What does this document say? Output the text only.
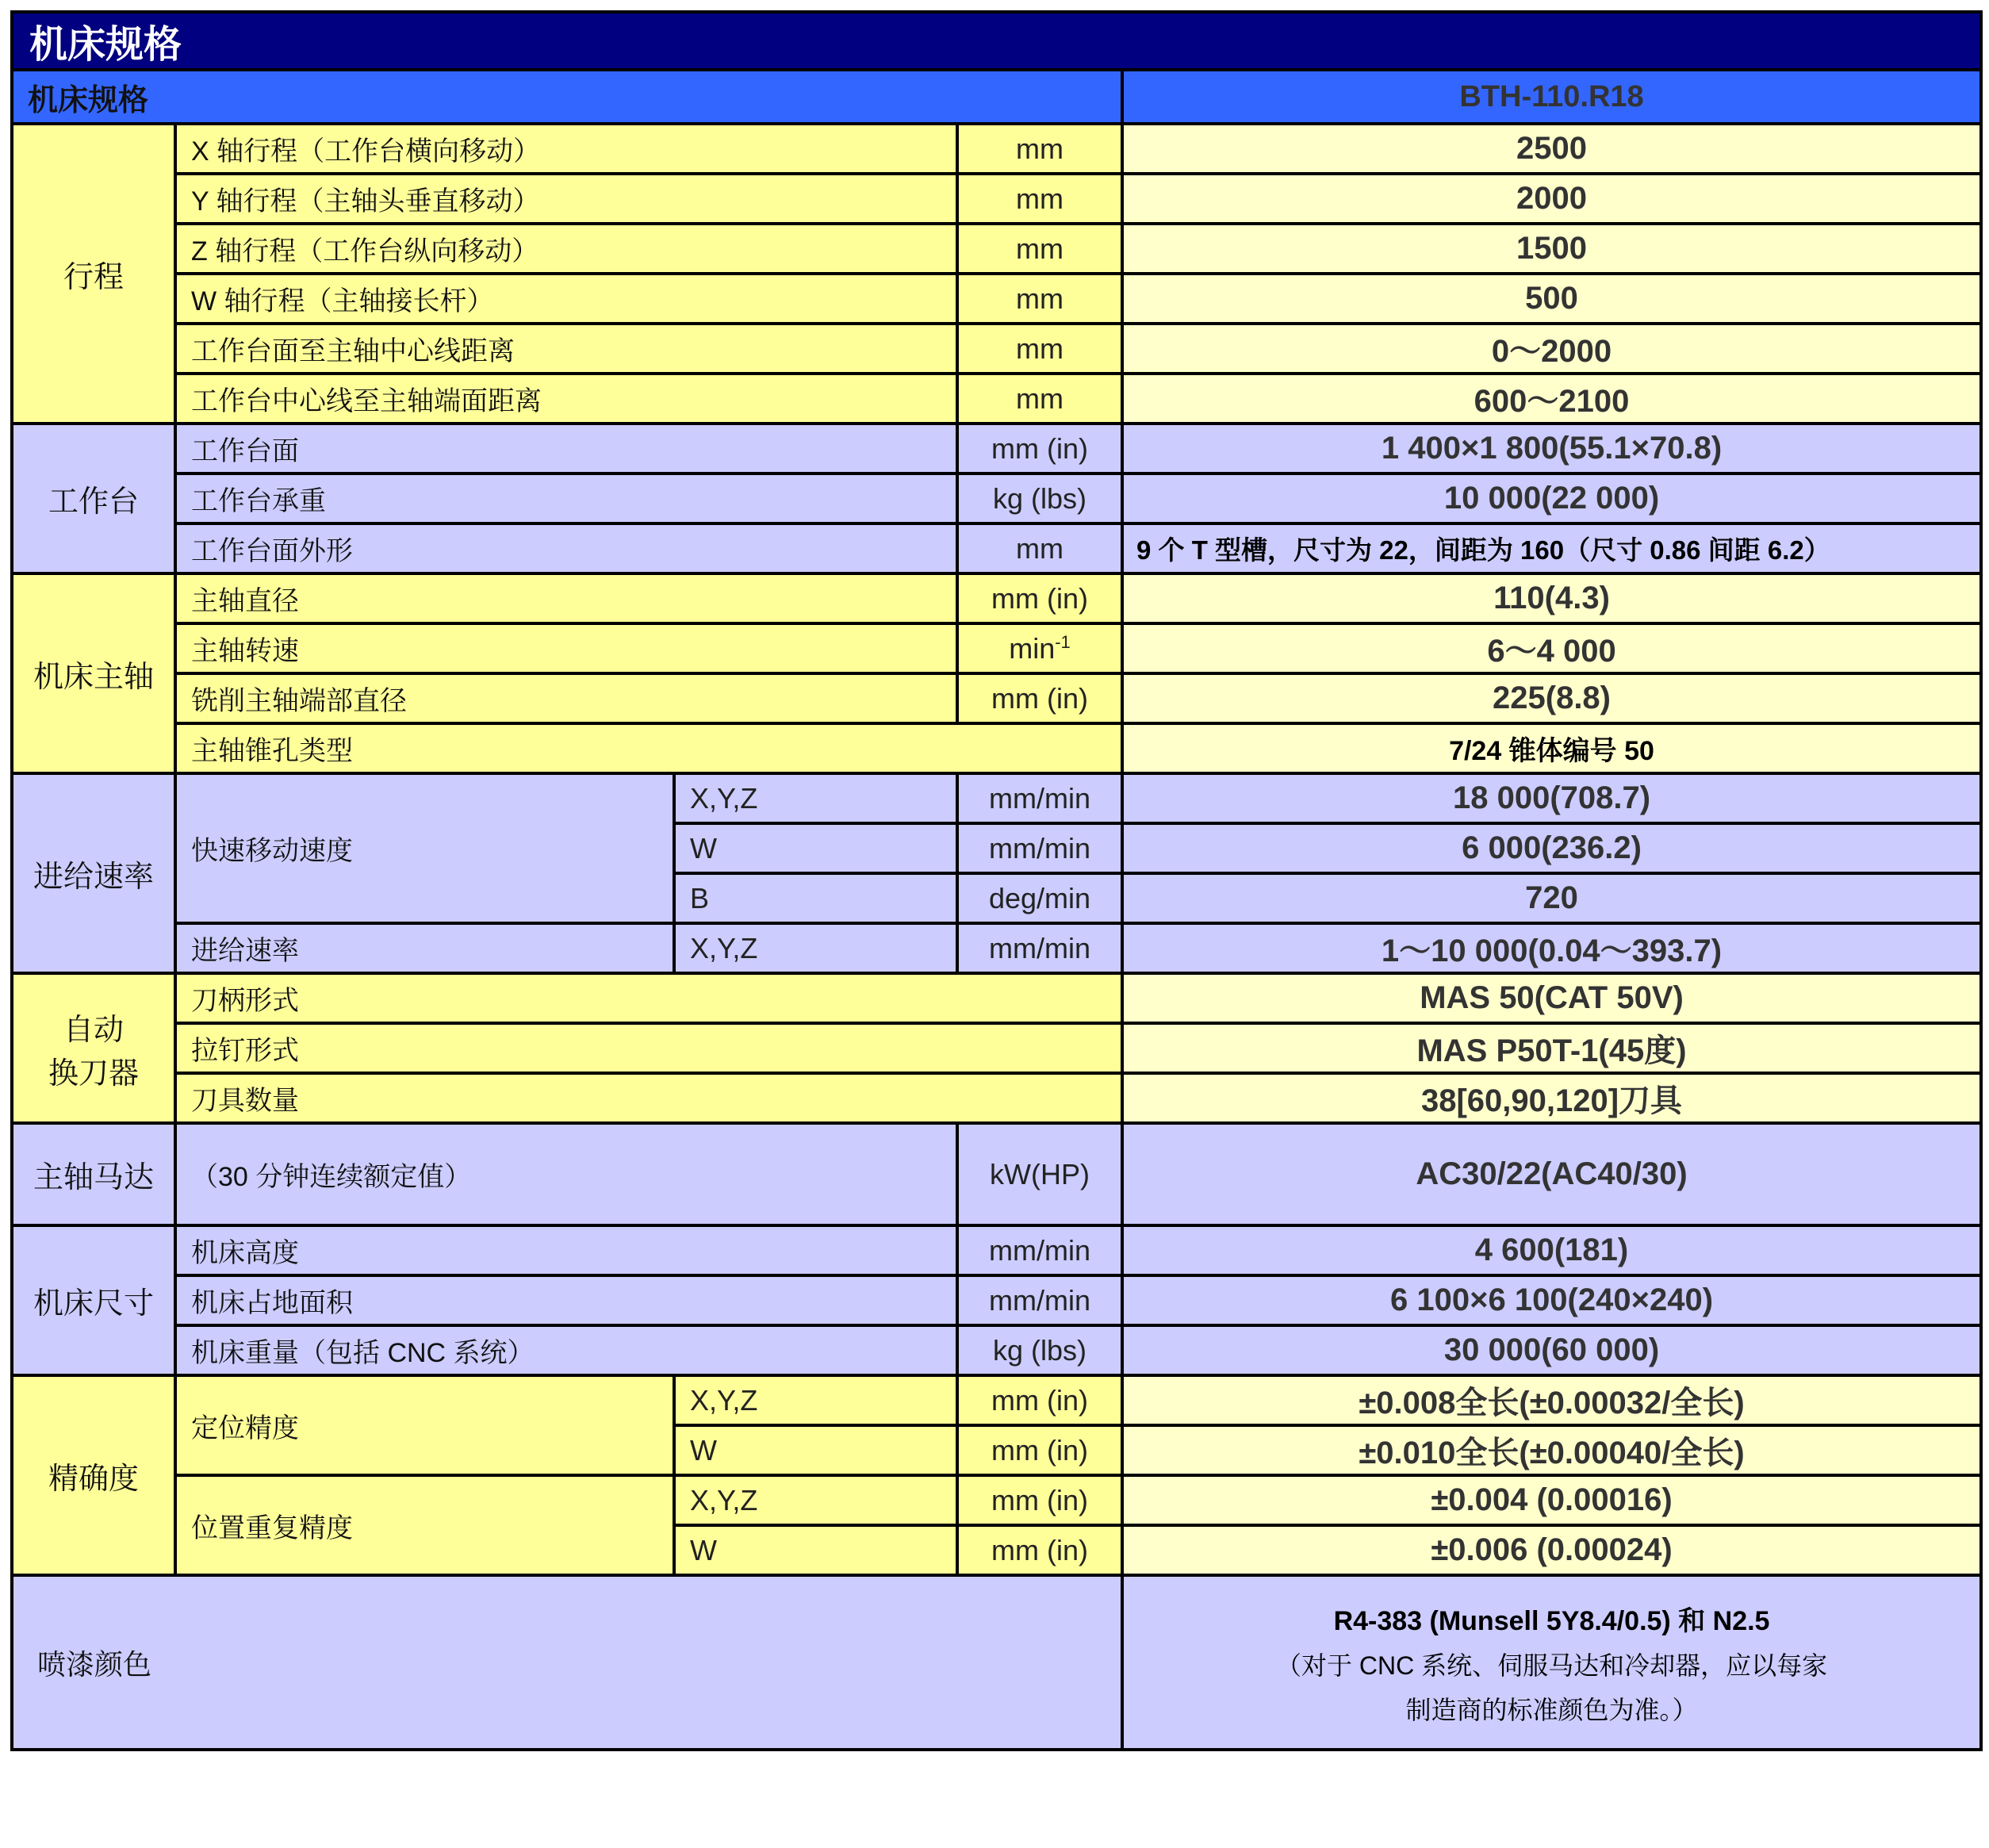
机床规格				
机床规格				BTH-110.R18
行程	X 轴行程（工作台横向移动）		mm	2500
	Y 轴行程（主轴头垂直移动）		mm	2000
	Z 轴行程（工作台纵向移动）		mm	1500
	W 轴行程（主轴接长杆）		mm	500
	工作台面至主轴中心线距离		mm	0～2000
	工作台中心线至主轴端面距离		mm	600～2100
工作台	工作台面		mm (in)	1 400×1 800(55.1×70.8)
	工作台承重		kg (lbs)	10 000(22 000)
	工作台面外形		mm	9 个 T 型槽，尺寸为 22，间距为 160（尺寸 0.86 间距 6.2）
机床主轴	主轴直径		mm (in)	110(4.3)
	主轴转速		$\min^{-1}$	6～4 000
	铣削主轴端部直径		mm (in)	225(8.8)
	主轴锥孔类型			7/24 锥体编号 50
进给速率	快速移动速度	X,Y,Z	mm/min	18 000(708.7)
		W	mm/min	6 000(236.2)
		B	deg/min	720
	进给速率	X,Y,Z	mm/min	1～10 000(0.04～393.7)

自动
换刀器	刀柄形式			MAS 50(CAT 50V)
	拉钉形式			MAS P50T-1(45度)
	刀具数量			38[60,90,120]刀具
主轴马达	（30 分钟连续额定值）		kW(HP)	AC30/22(AC40/30)
机床尺寸	机床高度		mm/min	4 600(181)
	机床占地面积		mm/min	6 100×6 100(240×240)
	机床重量（包括 CNC 系统）		kg (lbs)	30 000(60 000)
精确度	定位精度	X,Y,Z	mm (in)	±0.008全长(±0.00032/全长)
		W	mm (in)	±0.010全长(±0.00040/全长)
	位置重复精度	X,Y,Z	mm (in)	±0.004 (0.00016)
		W	mm (in)	±0.006 (0.00024)
喷漆颜色				R4-383 (Munsell 5Y8.4/0.5) 和 N2.5
（对于 CNC 系统、伺服马达和冷却器，应以每家
制造商的标准颜色为准。）
